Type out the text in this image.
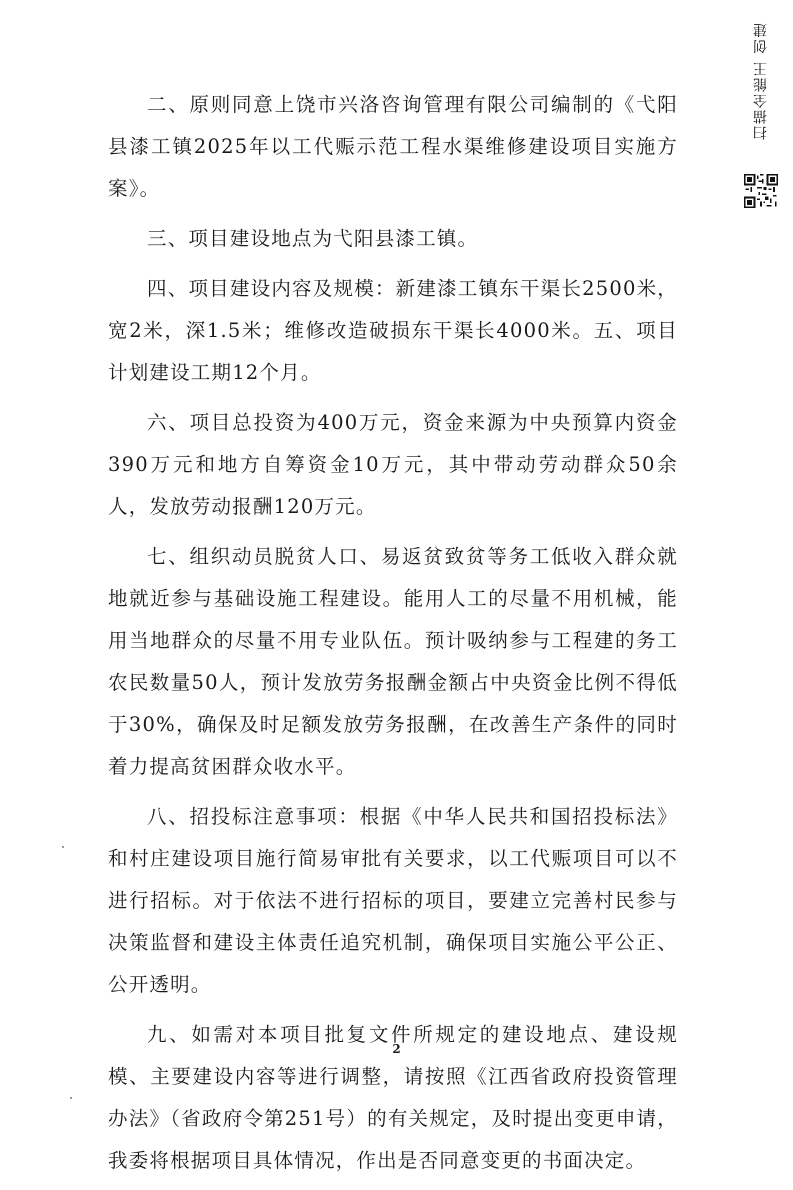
二、原则同意上饶市兴洛咨询管理有限公司编制的《弋阳县漆工镇2025年以工代赈示范工程水渠维修建设项目实施方案》。

三、项目建设地点为弋阳县漆工镇。

四、项目建设内容及规模：新建漆工镇东干渠长2500米，宽2米，深1.5米；维修改造破损东干渠长4000米。五、项目计划建设工期12个月。

六、项目总投资为400万元，资金来源为中央预算内资金390万元和地方自筹资金10万元，其中带动劳动群众50余人，发放劳动报酬120万元。

七、组织动员脱贫人口、易返贫致贫等务工低收入群众就地就近参与基础设施工程建设。能用人工的尽量不用机械，能用当地群众的尽量不用专业队伍。预计吸纳参与工程建的务工农民数量50人，预计发放劳务报酬金额占中央资金比例不得低于30%，确保及时足额发放劳务报酬，在改善生产条件的同时着力提高贫困群众收水平。

八、招投标注意事项：根据《中华人民共和国招投标法》和村庄建设项目施行简易审批有关要求，以工代赈项目可以不进行招标。对于依法不进行招标的项目，要建立完善村民参与决策监督和建设主体责任追究机制，确保项目实施公平公正、公开透明。

九、如需对本项目批复文件所规定的建设地点、建设规模、主要建设内容等进行调整，请按照《江西省政府投资管理办法》（省政府令第251号）的有关规定，及时提出变更申请，我委将根据项目具体情况，作出是否同意变更的书面决定。

2
扫描全能王 创建
